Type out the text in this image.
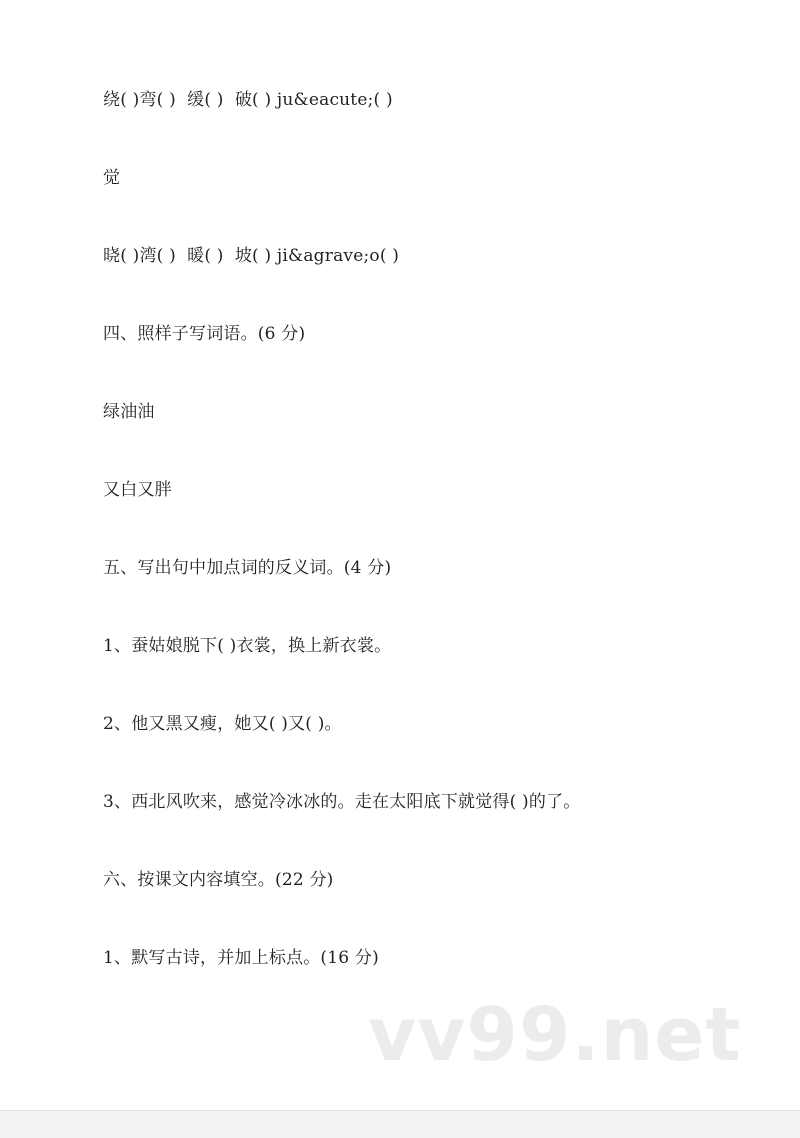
绕( )弯( )  缓( )  破( ) ju&eacute;( )
觉
晓( )湾( )  暖( )  坡( ) ji&agrave;o( )
四、照样子写词语。(6 分)
绿油油
又白又胖
五、写出句中加点词的反义词。(4 分)
1、蚕姑娘脱下( )衣裳，换上新衣裳。
2、他又黑又瘦，她又( )又( )。
3、西北风吹来，感觉冷冰冰的。走在太阳底下就觉得( )的了。
六、按课文内容填空。(22 分)
1、默写古诗，并加上标点。(16 分)
vv99.net
